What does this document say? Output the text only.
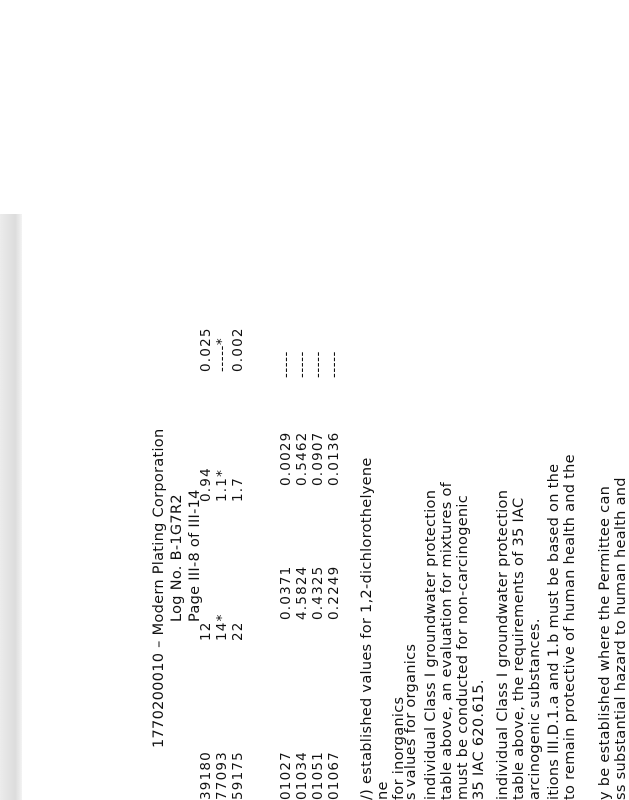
1770200010 – Modern Plating Corporation Log No. B-1G7R2 Page III-8 of III-14
39180 77093 59175
12 14* 22
0.94 1.1* 1.7
0.025 -----* 0.002
01027 01034 01051 01067
0.0371 4.5824 0.4325 0.2249
0.0029 0.5462 0.0907 0.0136
----- ----- ----- -----
/) established values for 1,2-dichlorothelyene ne for inorganics
s values for organics individual Class I groundwater protection table above, an evaluation for mixtures of must be conducted for non-carcinogenic 35 IAC 620.615. individual Class I groundwater protection table above, the requirements of 35 IAC arcinogenic substances. itions III.D.1.a and 1.b must be based on the to remain protective of human health and the y be established where the Permittee can ss substantial hazard to human health and
